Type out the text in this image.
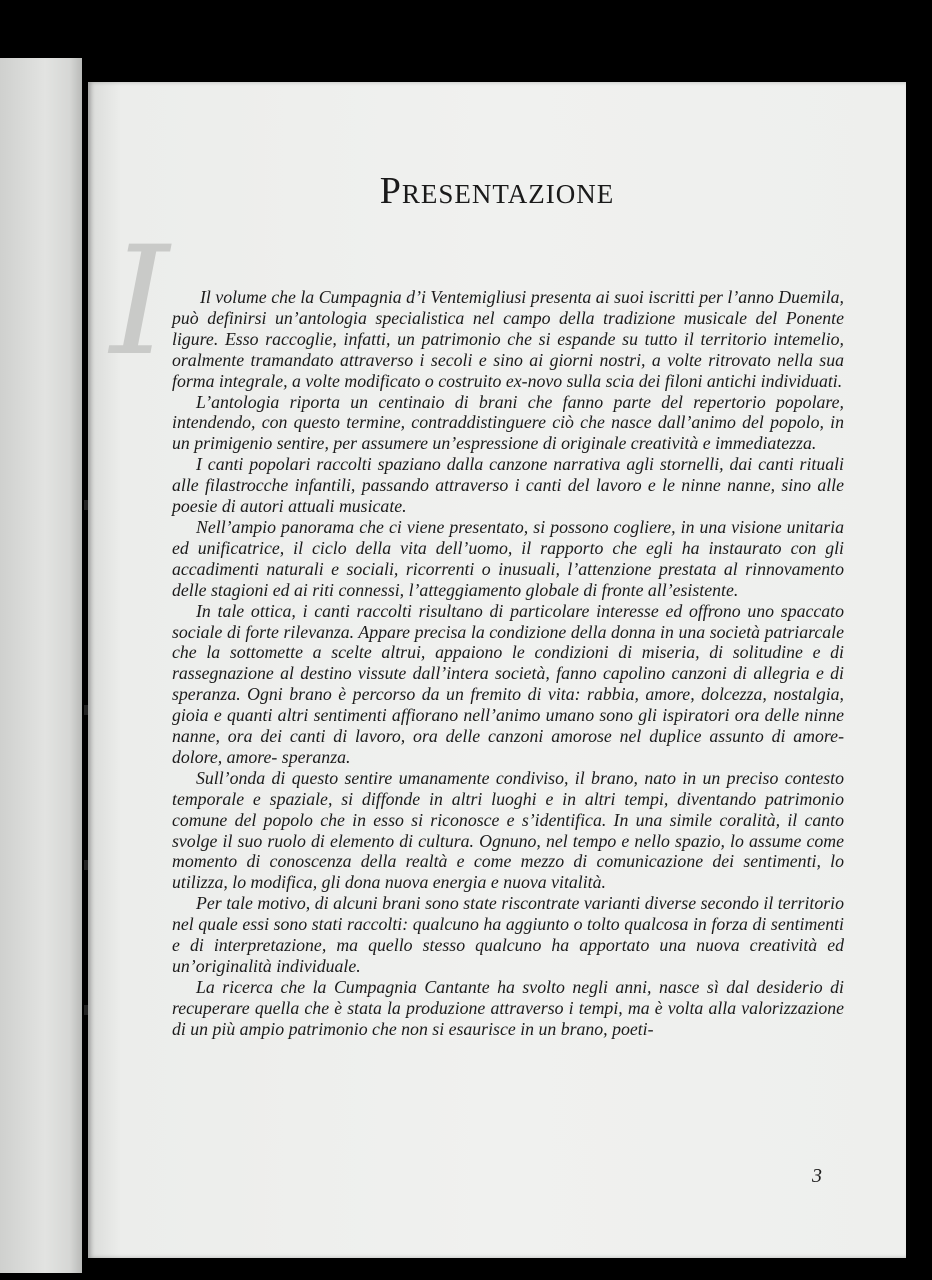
Presentazione
I	Il volume che la Cumpagnia d’i Ventemigliusi presenta ai suoi iscritti per l’anno Duemila, può definirsi un’antologia specialistica nel campo della tradizione musicale del Ponente ligure. Esso raccoglie, infatti, un patrimonio che si espande su tutto il territorio intemelio, oralmente tramandato attraverso i secoli e sino ai giorni nostri, a volte ritrovato nella sua forma integrale, a volte modificato o costruito ex-novo sulla scia dei filoni antichi individuati.

L’antologia riporta un centinaio di brani che fanno parte del repertorio popolare, intendendo, con questo termine, contraddistinguere ciò che nasce dall’animo del popolo, in un primigenio sentire, per assumere un’espressione di originale creatività e immediatezza.

I canti popolari raccolti spaziano dalla canzone narrativa agli stornelli, dai canti rituali alle filastrocche infantili, passando attraverso i canti del lavoro e le ninne nanne, sino alle poesie di autori attuali musicate.

Nell’ampio panorama che ci viene presentato, si possono cogliere, in una visione unitaria ed unificatrice, il ciclo della vita dell’uomo, il rapporto che egli ha instaurato con gli accadimenti naturali e sociali, ricorrenti o inusuali, l’attenzione prestata al rinnovamento delle stagioni ed ai riti connessi, l’atteggiamento globale di fronte all’esistente.

In tale ottica, i canti raccolti risultano di particolare interesse ed offrono uno spaccato sociale di forte rilevanza. Appare precisa la condizione della donna in una società patriarcale che la sottomette a scelte altrui, appaiono le condizioni di miseria, di solitudine e di rassegnazione al destino vissute dall’intera società, fanno capolino canzoni di allegria e di speranza. Ogni brano è percorso da un fremito di vita: rabbia, amore, dolcezza, nostalgia, gioia e quanti altri sentimenti affiorano nell’animo umano sono gli ispiratori ora delle ninne nanne, ora dei canti di lavoro, ora delle canzoni amorose nel duplice assunto di amore- dolore, amore- speranza.

Sull’onda di questo sentire umanamente condiviso, il brano, nato in un preciso contesto temporale e spaziale, si diffonde in altri luoghi e in altri tempi, diventando patrimonio comune del popolo che in esso si riconosce e s’identifica. In una simile coralità, il canto svolge il suo ruolo di elemento di cultura. Ognuno, nel tempo e nello spazio, lo assume come momento di conoscenza della realtà e come mezzo di comunicazione dei sentimenti, lo utilizza, lo modifica, gli dona nuova energia e nuova vitalità.

Per tale motivo, di alcuni brani sono state riscontrate varianti diverse secondo il territorio nel quale essi sono stati raccolti: qualcuno ha aggiunto o tolto qualcosa in forza di sentimenti e di interpretazione, ma quello stesso qualcuno ha apportato una nuova creatività ed un’originalità individuale.

La ricerca che la Cumpagnia Cantante ha svolto negli anni, nasce sì dal desiderio di recuperare quella che è stata la produzione attraverso i tempi, ma è volta alla valorizzazione di un più ampio patrimonio che non si esaurisce in un brano, poeti-

3
